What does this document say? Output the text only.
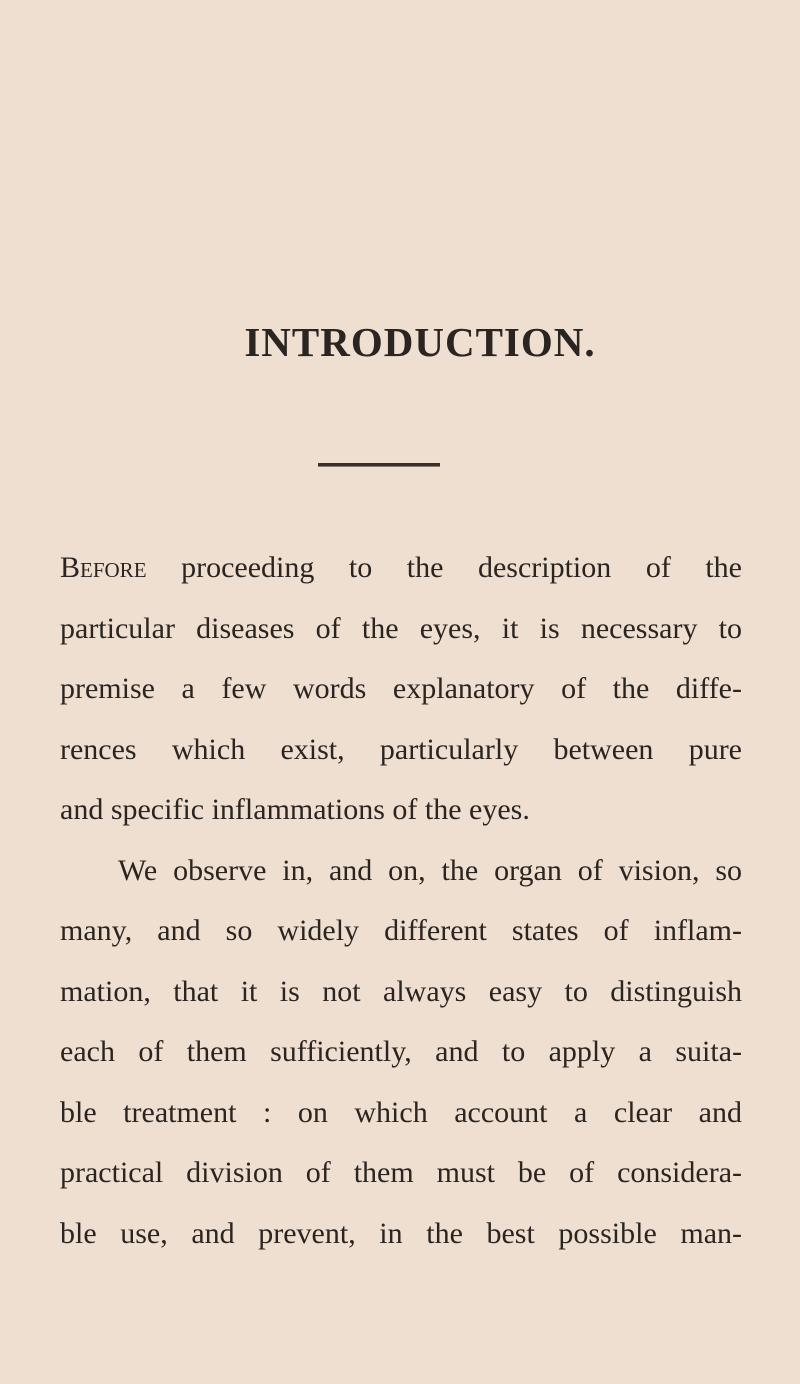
INTRODUCTION.
Before proceeding to the description of the
particular diseases of the eyes, it is necessary to
premise a few words explanatory of the diffe-
rences which exist, particularly between pure
and specific inflammations of the eyes.
We observe in, and on, the organ of vision, so
many, and so widely different states of inflam-
mation, that it is not always easy to distinguish
each of them sufficiently, and to apply a suita-
ble treatment : on which account a clear and
practical division of them must be of considera-
ble use, and prevent, in the best possible man-
